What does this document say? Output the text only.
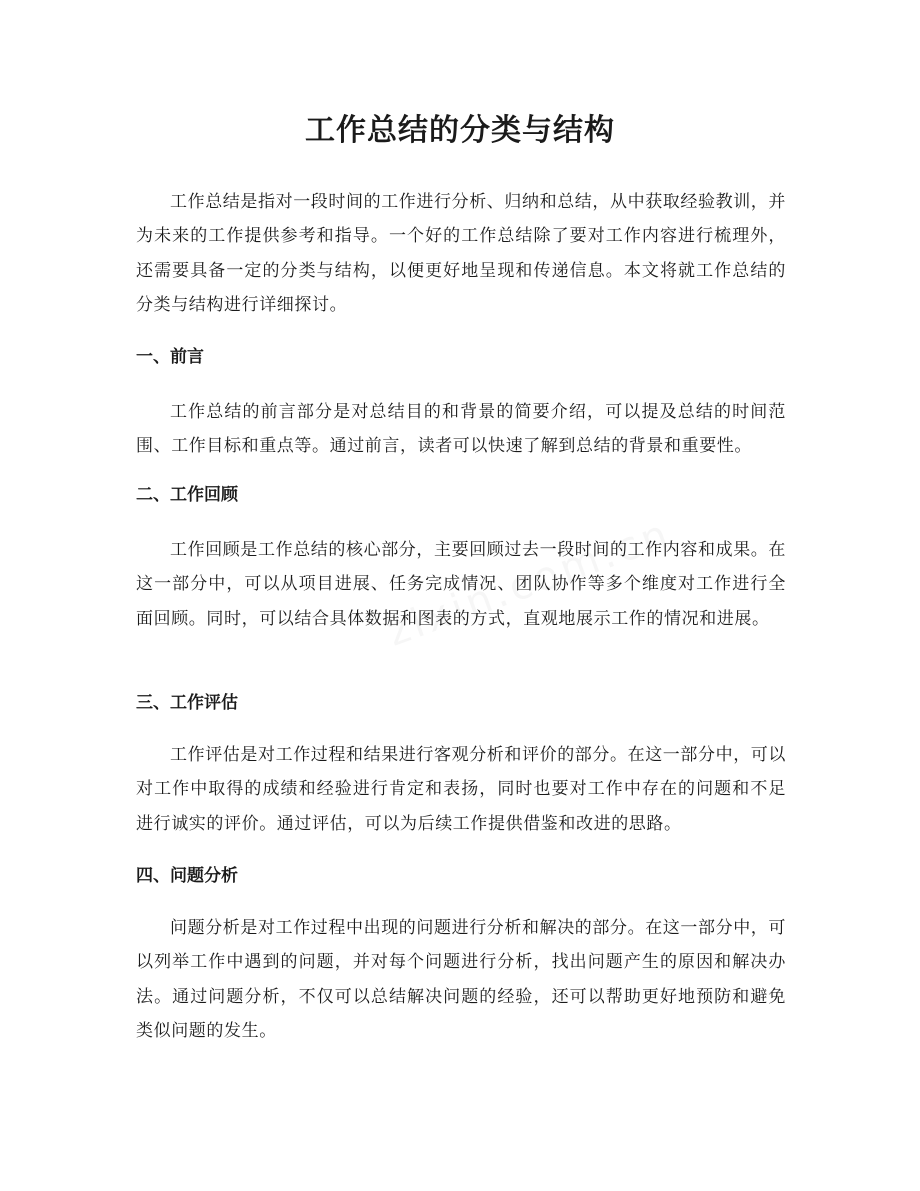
工作总结的分类与结构

工作总结是指对一段时间的工作进行分析、归纳和总结，从中获取经验教训，并为未来的工作提供参考和指导。一个好的工作总结除了要对工作内容进行梳理外，还需要具备一定的分类与结构，以便更好地呈现和传递信息。本文将就工作总结的分类与结构进行详细探讨。

一、前言

工作总结的前言部分是对总结目的和背景的简要介绍，可以提及总结的时间范围、工作目标和重点等。通过前言，读者可以快速了解到总结的背景和重要性。

二、工作回顾

工作回顾是工作总结的核心部分，主要回顾过去一段时间的工作内容和成果。在这一部分中，可以从项目进展、任务完成情况、团队协作等多个维度对工作进行全面回顾。同时，可以结合具体数据和图表的方式，直观地展示工作的情况和进展。

三、工作评估

工作评估是对工作过程和结果进行客观分析和评价的部分。在这一部分中，可以对工作中取得的成绩和经验进行肯定和表扬，同时也要对工作中存在的问题和不足进行诚实的评价。通过评估，可以为后续工作提供借鉴和改进的思路。

四、问题分析

问题分析是对工作过程中出现的问题进行分析和解决的部分。在这一部分中，可以列举工作中遇到的问题，并对每个问题进行分析，找出问题产生的原因和解决办法。通过问题分析，不仅可以总结解决问题的经验，还可以帮助更好地预防和避免类似问题的发生。
